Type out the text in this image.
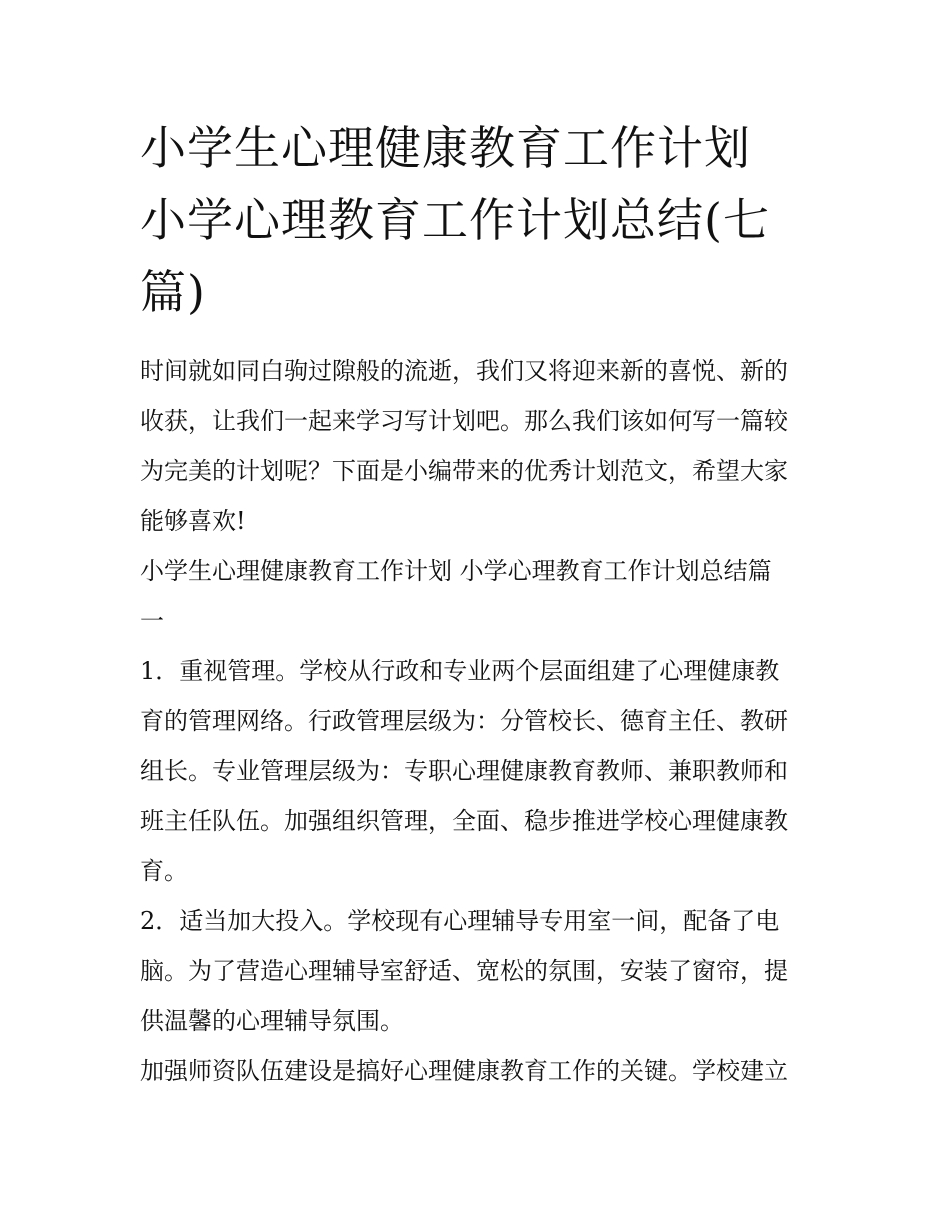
小学生心理健康教育工作计划
小学心理教育工作计划总结(七
篇)

时间就如同白驹过隙般的流逝，我们又将迎来新的喜悦、新的
收获，让我们一起来学习写计划吧。那么我们该如何写一篇较
为完美的计划呢？下面是小编带来的优秀计划范文，希望大家
能够喜欢!

小学生心理健康教育工作计划 小学心理教育工作计划总结篇
一

1．重视管理。学校从行政和专业两个层面组建了心理健康教
育的管理网络。行政管理层级为：分管校长、德育主任、教研
组长。专业管理层级为：专职心理健康教育教师、兼职教师和
班主任队伍。加强组织管理，全面、稳步推进学校心理健康教
育。

2．适当加大投入。学校现有心理辅导专用室一间，配备了电
脑。为了营造心理辅导室舒适、宽松的氛围，安装了窗帘，提
供温馨的心理辅导氛围。

加强师资队伍建设是搞好心理健康教育工作的关键。学校建立
